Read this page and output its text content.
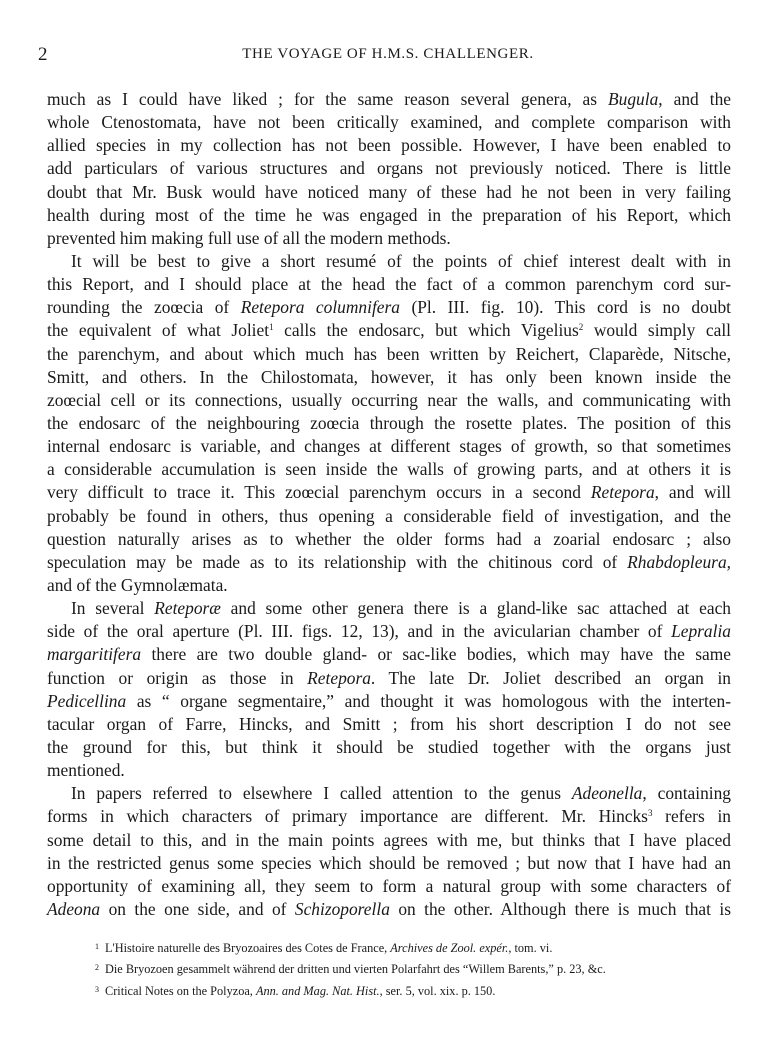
2	THE VOYAGE OF H.M.S. CHALLENGER.
much as I could have liked ; for the same reason several genera, as Bugula, and the
whole Ctenostomata, have not been critically examined, and complete comparison with
allied species in my collection has not been possible. However, I have been enabled to
add particulars of various structures and organs not previously noticed. There is little
doubt that Mr. Busk would have noticed many of these had he not been in very failing
health during most of the time he was engaged in the preparation of his Report, which
prevented him making full use of all the modern methods.
It will be best to give a short resumé of the points of chief interest dealt with in
this Report, and I should place at the head the fact of a common parenchym cord sur-
rounding the zoœcia of Retepora columnifera (Pl. III. fig. 10). This cord is no doubt
the equivalent of what Joliet$^1$ calls the endosarc, but which Vigelius$^2$ would simply call
the parenchym, and about which much has been written by Reichert, Claparède, Nitsche,
Smitt, and others. In the Chilostomata, however, it has only been known inside the
zoœcial cell or its connections, usually occurring near the walls, and communicating with
the endosarc of the neighbouring zoœcia through the rosette plates. The position of this
internal endosarc is variable, and changes at different stages of growth, so that sometimes
a considerable accumulation is seen inside the walls of growing parts, and at others it is
very difficult to trace it. This zoœcial parenchym occurs in a second Retepora, and will
probably be found in others, thus opening a considerable field of investigation, and the
question naturally arises as to whether the older forms had a zoarial endosarc ; also
speculation may be made as to its relationship with the chitinous cord of Rhabdopleura,
and of the Gymnolæmata.
In several Reteporæ and some other genera there is a gland-like sac attached at each
side of the oral aperture (Pl. III. figs. 12, 13), and in the avicularian chamber of Lepralia
margaritifera there are two double gland- or sac-like bodies, which may have the same
function or origin as those in Retepora. The late Dr. Joliet described an organ in
Pedicellina as “ organe segmentaire,” and thought it was homologous with the interten-
tacular organ of Farre, Hincks, and Smitt ; from his short description I do not see
the ground for this, but think it should be studied together with the organs just
mentioned.
In papers referred to elsewhere I called attention to the genus Adeonella, containing
forms in which characters of primary importance are different. Mr. Hincks$^3$ refers in
some detail to this, and in the main points agrees with me, but thinks that I have placed
in the restricted genus some species which should be removed ; but now that I have had an
opportunity of examining all, they seem to form a natural group with some characters of
Adeona on the one side, and of Schizoporella on the other. Although there is much that is
$^1$ L'Histoire naturelle des Bryozoaires des Cotes de France, Archives de Zool. expér., tom. vi.
$^2$ Die Bryozoen gesammelt während der dritten und vierten Polarfahrt des “Willem Barents,” p. 23, &c.
$^3$ Critical Notes on the Polyzoa, Ann. and Mag. Nat. Hist., ser. 5, vol. xix. p. 150.
